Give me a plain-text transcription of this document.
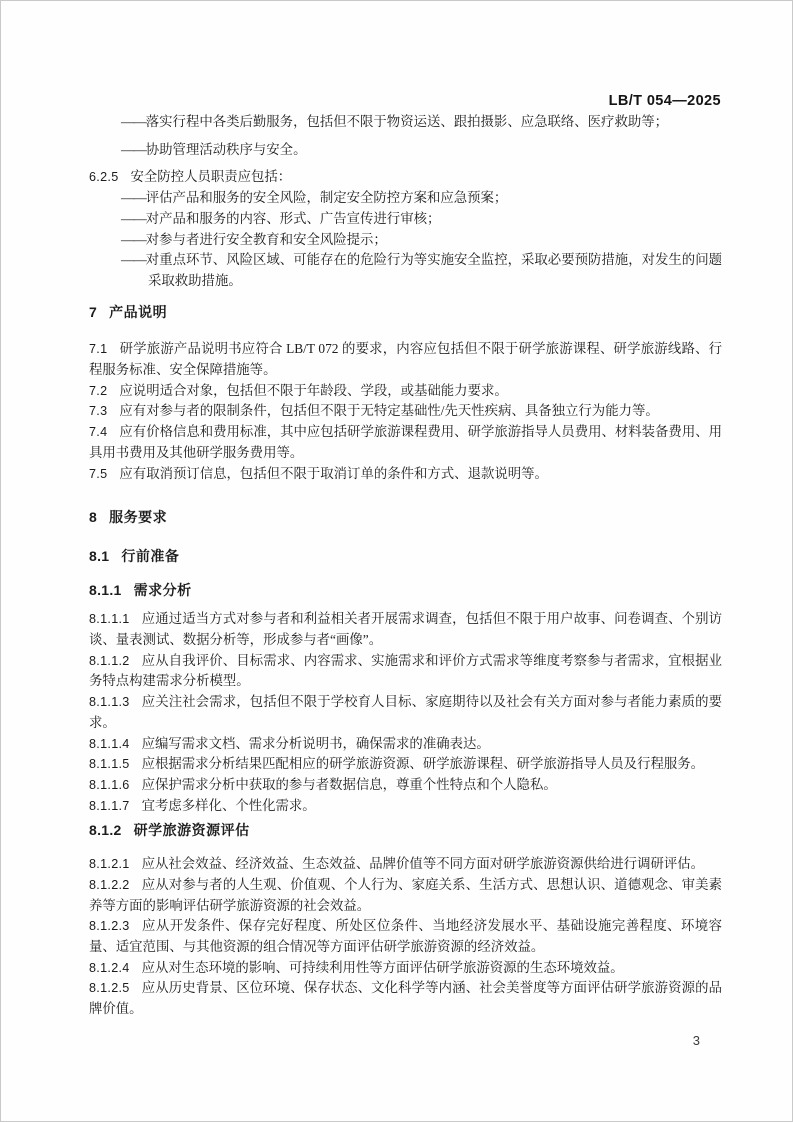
LB/T 054—2025
——落实行程中各类后勤服务，包括但不限于物资运送、跟拍摄影、应急联络、医疗救助等；
——协助管理活动秩序与安全。

6.2.5 安全防控人员职责应包括：

——评估产品和服务的安全风险，制定安全防控方案和应急预案；
——对产品和服务的内容、形式、广告宣传进行审核；
——对参与者进行安全教育和安全风险提示；
——对重点环节、风险区域、可能存在的危险行为等实施安全监控，采取必要预防措施，对发生的问题采取救助措施。
7 产品说明

7.1 研学旅游产品说明书应符合 LB/T 072 的要求，内容应包括但不限于研学旅游课程、研学旅游线路、行程服务标准、安全保障措施等。

7.2 应说明适合对象，包括但不限于年龄段、学段，或基础能力要求。

7.3 应有对参与者的限制条件，包括但不限于无特定基础性/先天性疾病、具备独立行为能力等。

7.4 应有价格信息和费用标准，其中应包括研学旅游课程费用、研学旅游指导人员费用、材料装备费用、用具用书费用及其他研学服务费用等。

7.5 应有取消预订信息，包括但不限于取消订单的条件和方式、退款说明等。

8 服务要求
8.1 行前准备
8.1.1 需求分析

8.1.1.1 应通过适当方式对参与者和利益相关者开展需求调查，包括但不限于用户故事、问卷调查、个别访谈、量表测试、数据分析等，形成参与者“画像”。

8.1.1.2 应从自我评价、目标需求、内容需求、实施需求和评价方式需求等维度考察参与者需求，宜根据业务特点构建需求分析模型。

8.1.1.3 应关注社会需求，包括但不限于学校育人目标、家庭期待以及社会有关方面对参与者能力素质的要求。

8.1.1.4 应编写需求文档、需求分析说明书，确保需求的准确表达。

8.1.1.5 应根据需求分析结果匹配相应的研学旅游资源、研学旅游课程、研学旅游指导人员及行程服务。

8.1.1.6 应保护需求分析中获取的参与者数据信息，尊重个性特点和个人隐私。

8.1.1.7 宜考虑多样化、个性化需求。

8.1.2 研学旅游资源评估

8.1.2.1 应从社会效益、经济效益、生态效益、品牌价值等不同方面对研学旅游资源供给进行调研评估。

8.1.2.2 应从对参与者的人生观、价值观、个人行为、家庭关系、生活方式、思想认识、道德观念、审美素养等方面的影响评估研学旅游资源的社会效益。

8.1.2.3 应从开发条件、保存完好程度、所处区位条件、当地经济发展水平、基础设施完善程度、环境容量、适宜范围、与其他资源的组合情况等方面评估研学旅游资源的经济效益。

8.1.2.4 应从对生态环境的影响、可持续利用性等方面评估研学旅游资源的生态环境效益。

8.1.2.5 应从历史背景、区位环境、保存状态、文化科学等内涵、社会美誉度等方面评估研学旅游资源的品牌价值。

3
